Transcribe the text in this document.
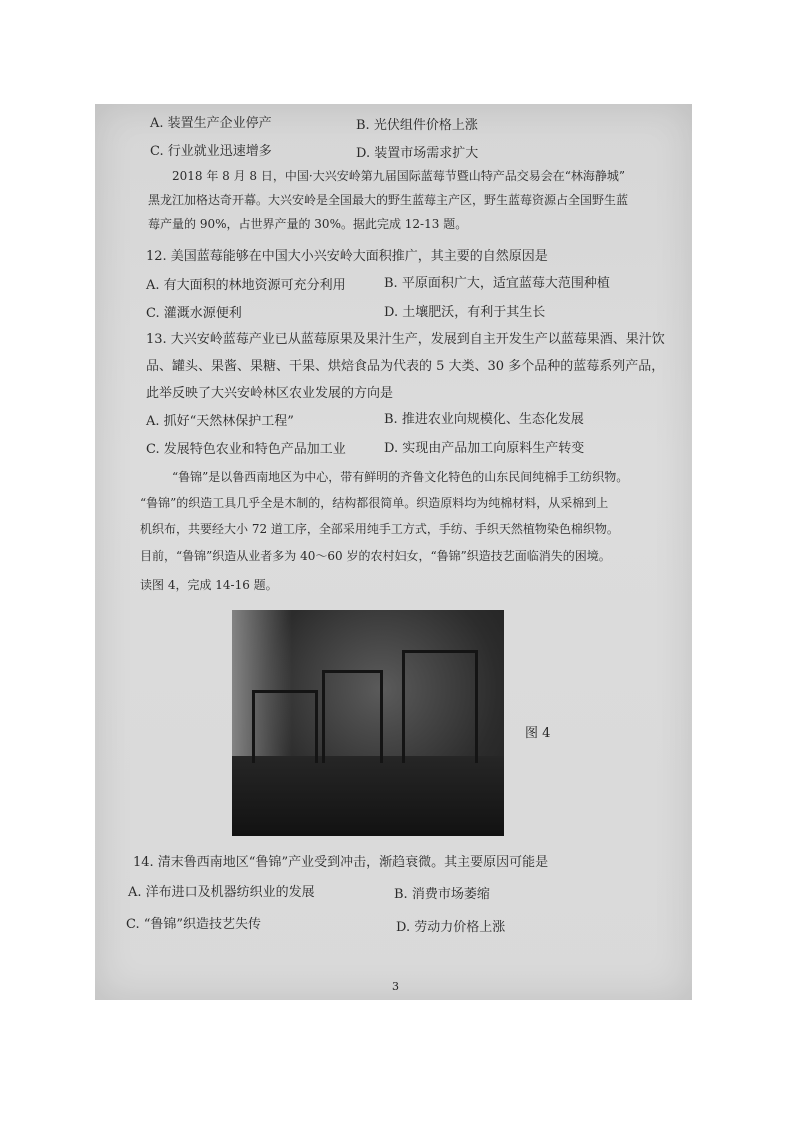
A. 装置生产企业停产	B. 光伏组件价格上涨
C. 行业就业迅速增多	D. 装置市场需求扩大
2018 年 8 月 8 日，中国·大兴安岭第九届国际蓝莓节暨山特产品交易会在“林海静城”
黑龙江加格达奇开幕。大兴安岭是全国最大的野生蓝莓主产区，野生蓝莓资源占全国野生蓝
莓产量的 90%，占世界产量的 30%。据此完成 12-13 题。
12. 美国蓝莓能够在中国大小兴安岭大面积推广，其主要的自然原因是
A. 有大面积的林地资源可充分利用	B. 平原面积广大，适宜蓝莓大范围种植
C. 灌溉水源便利	D. 土壤肥沃，有利于其生长
13. 大兴安岭蓝莓产业已从蓝莓原果及果汁生产，发展到自主开发生产以蓝莓果酒、果汁饮
品、罐头、果酱、果糖、干果、烘焙食品为代表的 5 大类、30 多个品种的蓝莓系列产品，
此举反映了大兴安岭林区农业发展的方向是
A. 抓好“天然林保护工程”	B. 推进农业向规模化、生态化发展
C. 发展特色农业和特色产品加工业	D. 实现由产品加工向原料生产转变
“鲁锦”是以鲁西南地区为中心，带有鲜明的齐鲁文化特色的山东民间纯棉手工纺织物。
“鲁锦”的织造工具几乎全是木制的，结构都很简单。织造原料均为纯棉材料，从采棉到上
机织布，共要经大小 72 道工序，全部采用纯手工方式，手纺、手织天然植物染色棉织物。
目前，“鲁锦”织造从业者多为 40～60 岁的农村妇女，“鲁锦”织造技艺面临消失的困境。
读图 4，完成 14-16 题。
图 4
14. 清末鲁西南地区“鲁锦”产业受到冲击，渐趋衰微。其主要原因可能是
A. 洋布进口及机器纺织业的发展	B. 消费市场萎缩
C. “鲁锦”织造技艺失传	D. 劳动力价格上涨
3
